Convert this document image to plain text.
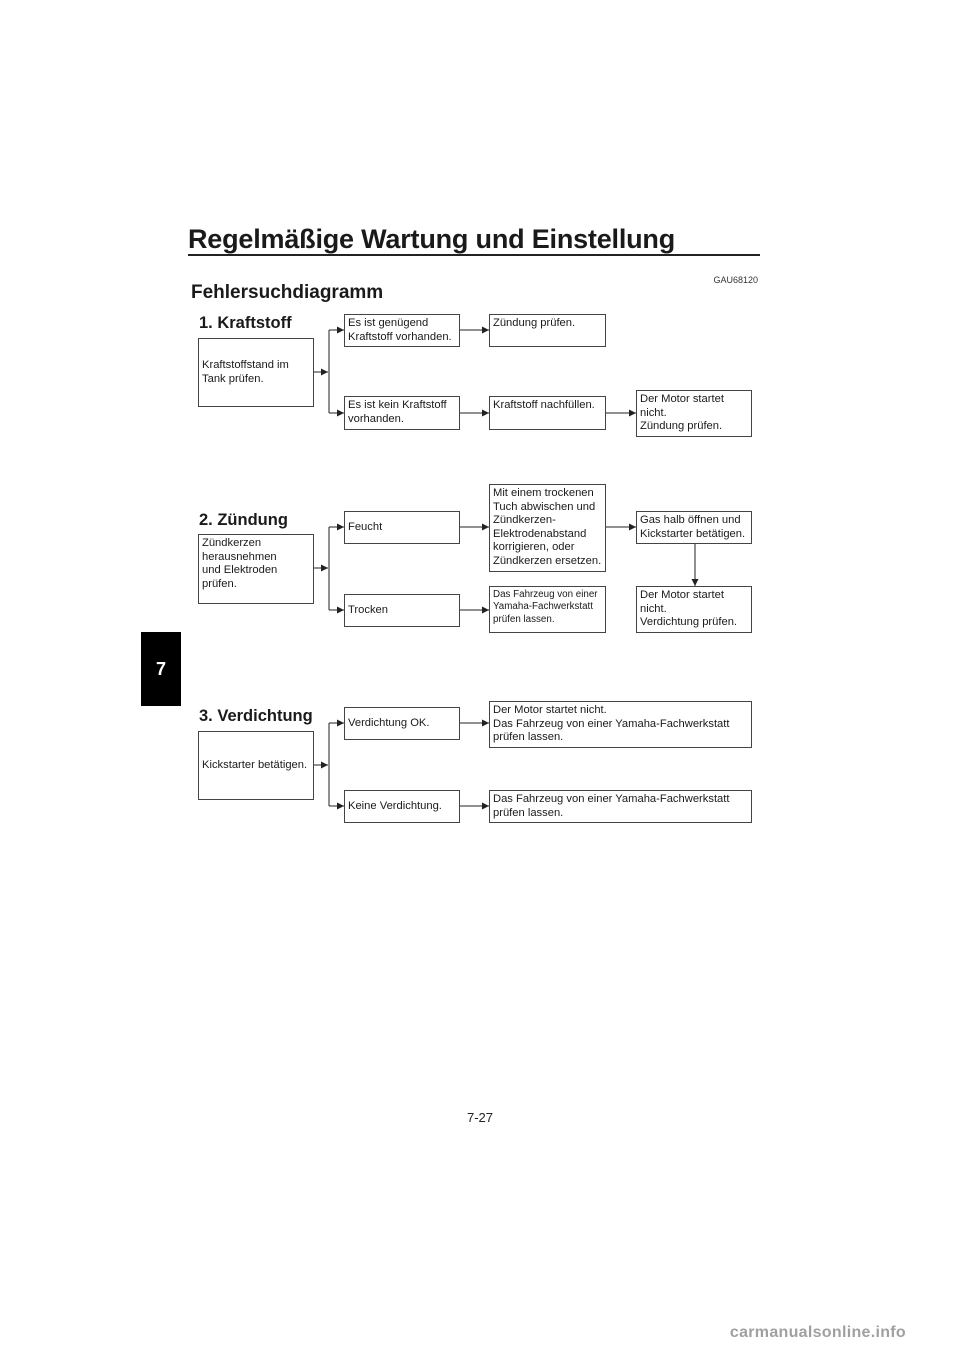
Regelmäßige Wartung und Einstellung
GAU68120
Fehlersuchdiagramm
7
1. Kraftstoff
Kraftstoffstand im
Tank prüfen.
Es ist genügend
Kraftstoff vorhanden.
Es ist kein Kraftstoff
vorhanden.
Zündung prüfen.
Kraftstoff nachfüllen.	Der Motor startet
nicht.
Zündung prüfen.
2. Zündung
Zündkerzen
herausnehmen
und Elektroden
prüfen.
Feucht
Trocken
Mit einem trockenen
Tuch abwischen und
Zündkerzen-
Elektrodenabstand
korrigieren, oder
Zündkerzen ersetzen.
Das Fahrzeug von einer
Yamaha-Fachwerkstatt
prüfen lassen.
Gas halb öffnen und
Kickstarter betätigen.
Der Motor startet
nicht.
Verdichtung prüfen.
3. Verdichtung
Kickstarter betätigen.
Verdichtung OK.
Keine Verdichtung.
Der Motor startet nicht.
Das Fahrzeug von einer Yamaha-Fachwerkstatt
prüfen lassen.
Das Fahrzeug von einer Yamaha-Fachwerkstatt
prüfen lassen.
7-27
carmanualsonline.info
